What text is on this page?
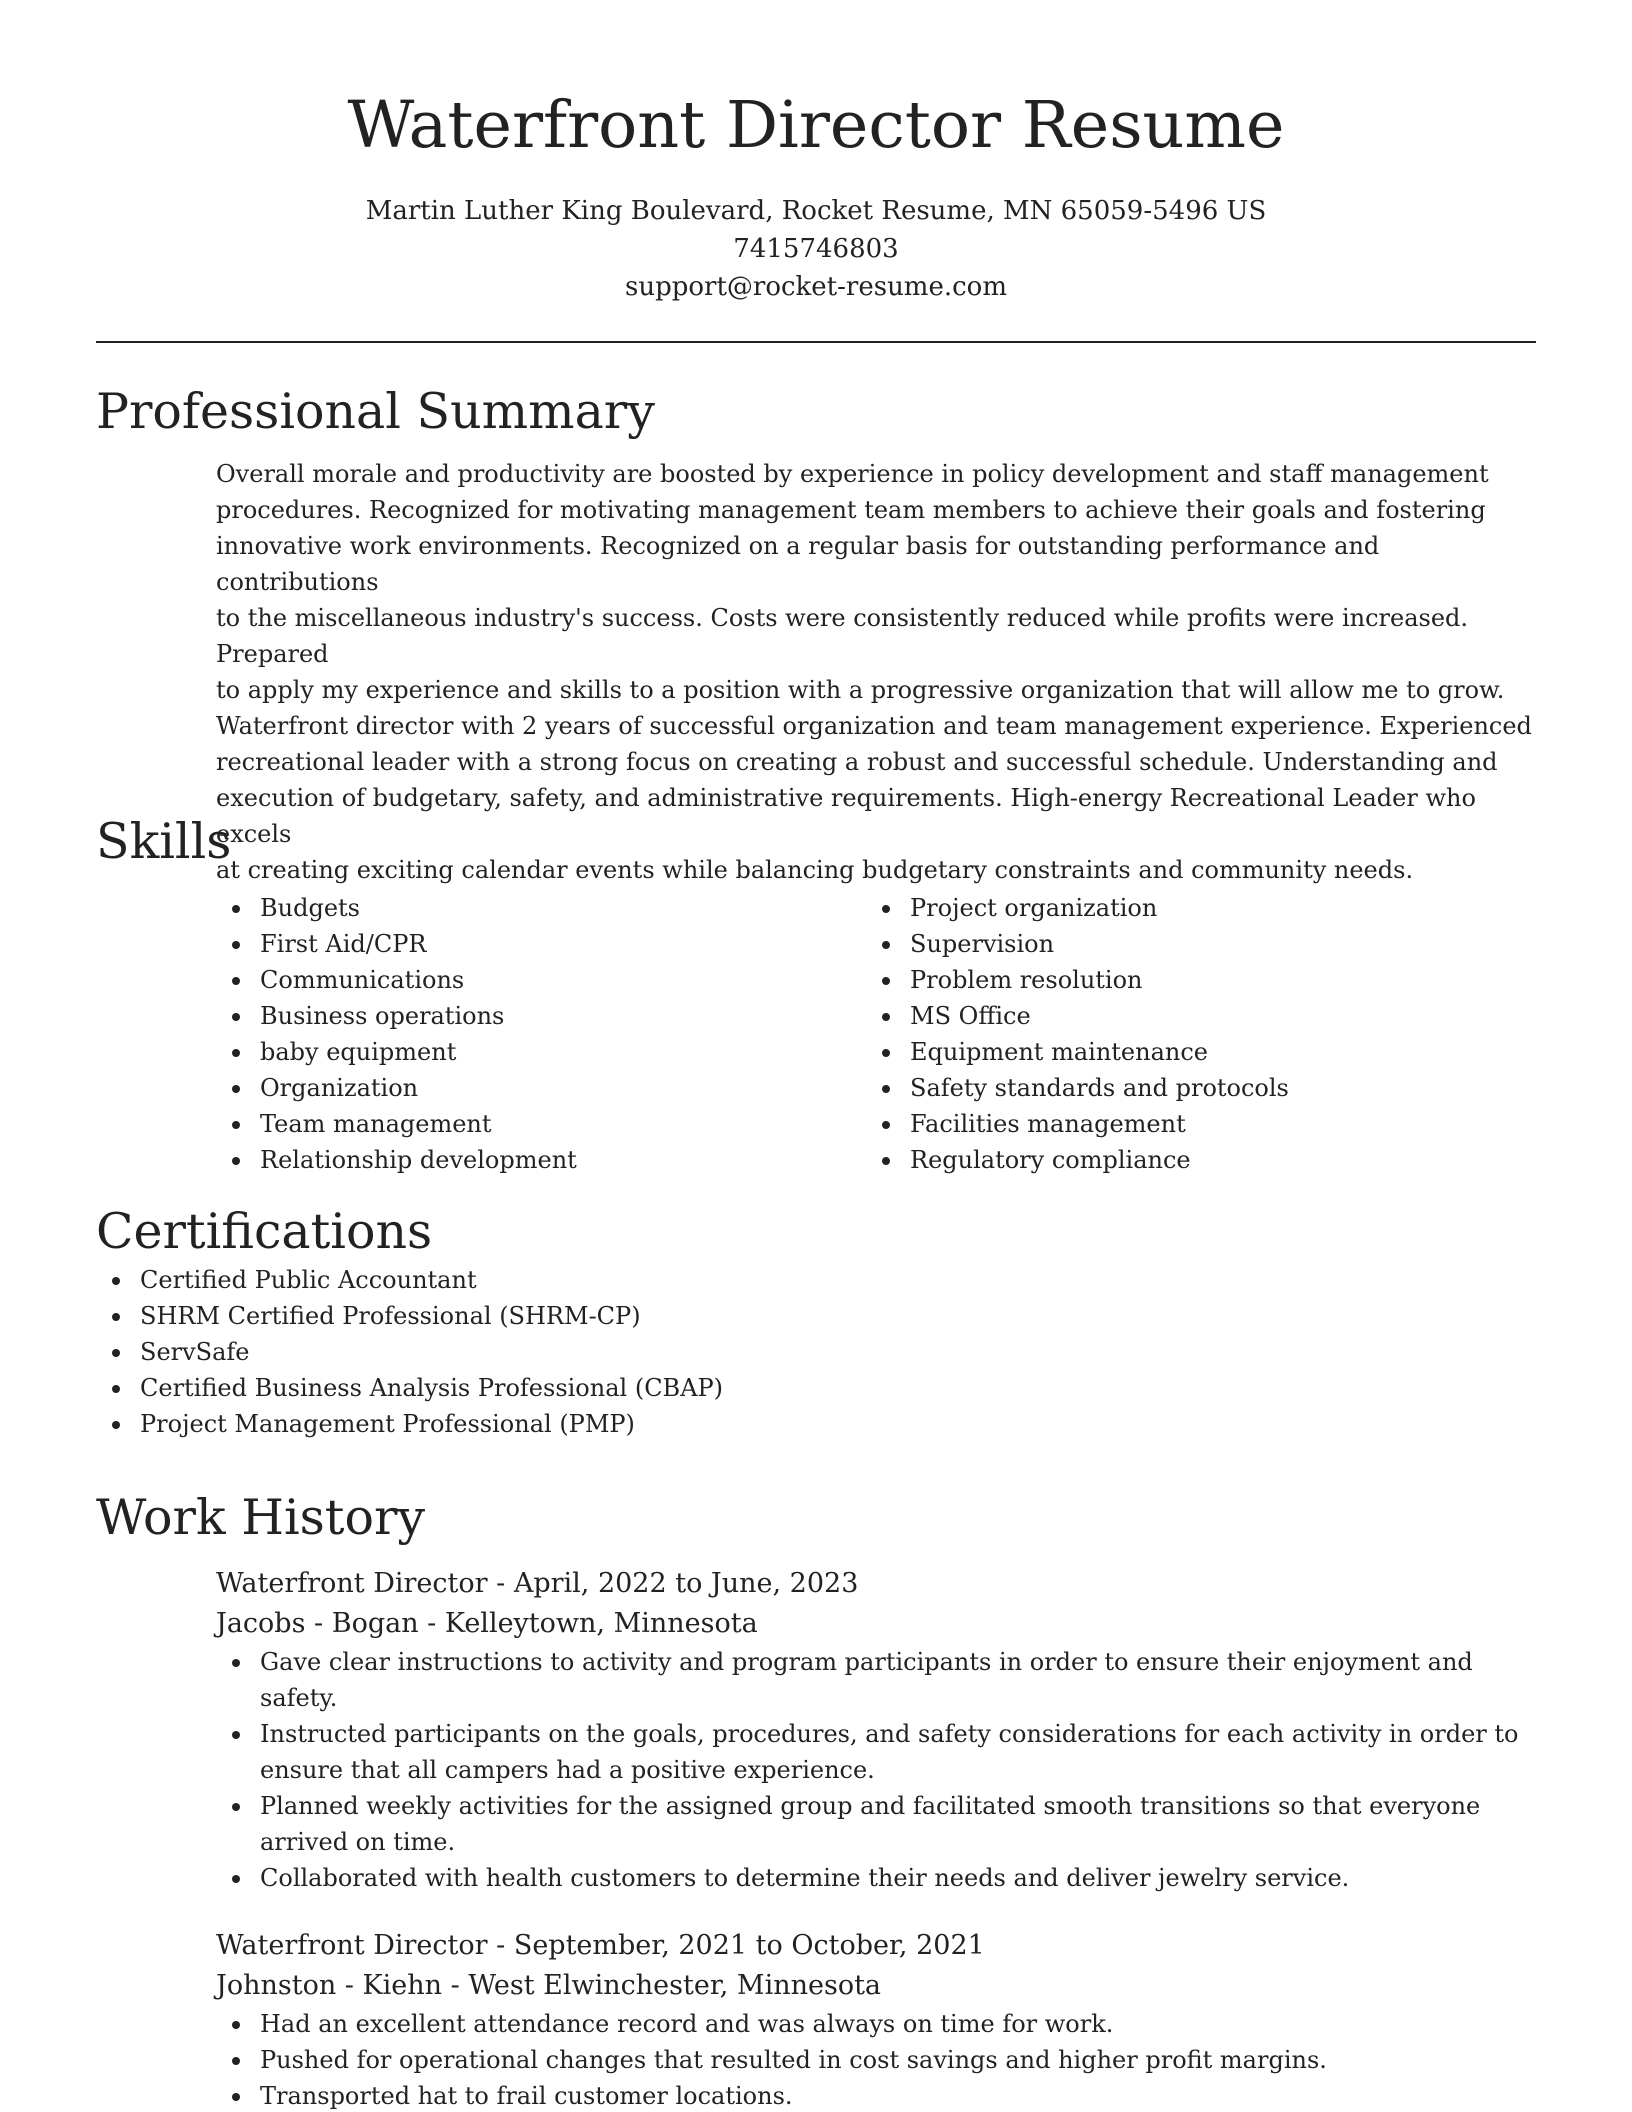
Waterfront Director Resume

Martin Luther King Boulevard, Rocket Resume, MN 65059-5496 US

7415746803

support@rocket-resume.com

Professional Summary
Overall morale and productivity are boosted by experience in policy development and staff management
procedures. Recognized for motivating management team members to achieve their goals and fostering
innovative work environments. Recognized on a regular basis for outstanding performance and contributions
to the miscellaneous industry's success. Costs were consistently reduced while profits were increased. Prepared
to apply my experience and skills to a position with a progressive organization that will allow me to grow.
Waterfront director with 2 years of successful organization and team management experience. Experienced
recreational leader with a strong focus on creating a robust and successful schedule. Understanding and
execution of budgetary, safety, and administrative requirements. High-energy Recreational Leader who excels
at creating exciting calendar events while balancing budgetary constraints and community needs.
Skills
Budgets
First Aid/CPR
Communications
Business operations
baby equipment
Organization
Team management
Relationship development
Project organization
Supervision
Problem resolution
MS Office
Equipment maintenance
Safety standards and protocols
Facilities management
Regulatory compliance
Certifications
Certified Public Accountant
SHRM Certified Professional (SHRM-CP)
ServSafe
Certified Business Analysis Professional (CBAP)
Project Management Professional (PMP)
Work History

Waterfront Director - April, 2022 to June, 2023

Jacobs - Bogan - Kelleytown, Minnesota

Gave clear instructions to activity and program participants in order to ensure their enjoyment and safety.
Instructed participants on the goals, procedures, and safety considerations for each activity in order to ensure that all campers had a positive experience.
Planned weekly activities for the assigned group and facilitated smooth transitions so that everyone arrived on time.
Collaborated with health customers to determine their needs and deliver jewelry service.

Waterfront Director - September, 2021 to October, 2021

Johnston - Kiehn - West Elwinchester, Minnesota

Had an excellent attendance record and was always on time for work.
Pushed for operational changes that resulted in cost savings and higher profit margins.
Transported hat to frail customer locations.
